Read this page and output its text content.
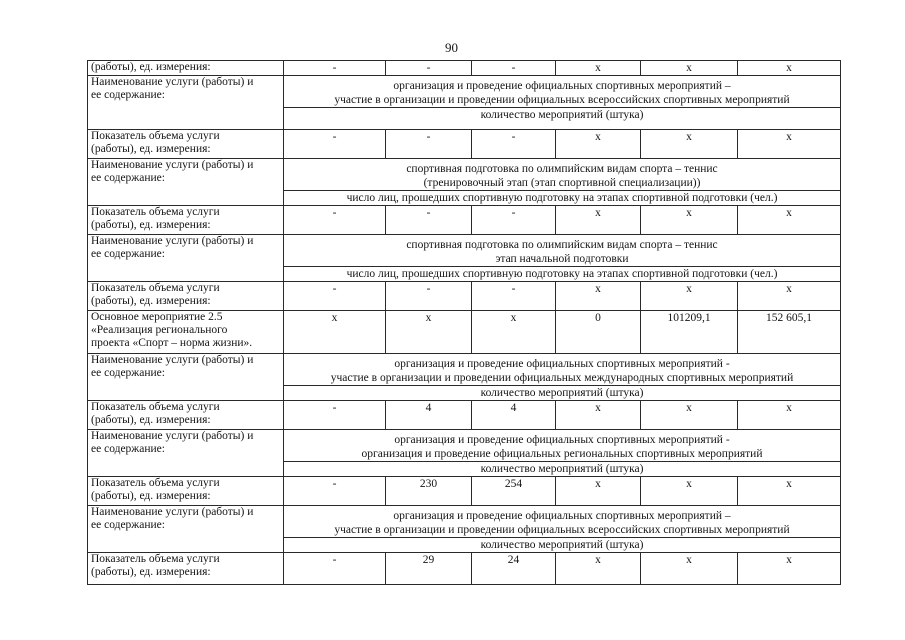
90
(работы), ед. измерения:	-	-	-	х	х	х

Наименование услуги (работы) и
ее содержание:	организация и проведение официальных спортивных мероприятий –
участие в организации и проведении официальных всероссийских спортивных мероприятий					

	количество мероприятий (штука)					

Показатель объема услуги
(работы), ед. измерения:	-	-	-	х	х	х

Наименование услуги (работы) и
ее содержание:	спортивная подготовка по олимпийским видам спорта – теннис
(тренировочный этап (этап спортивной специализации))					

	число лиц, прошедших спортивную подготовку на этапах спортивной подготовки (чел.)					

Показатель объема услуги
(работы), ед. измерения:	-	-	-	х	х	х

Наименование услуги (работы) и
ее содержание:	спортивная подготовка по олимпийским видам спорта – теннис
этап начальной подготовки					

	число лиц, прошедших спортивную подготовку на этапах спортивной подготовки (чел.)					

Показатель объема услуги
(работы), ед. измерения:	-	-	-	х	х	х

Основное мероприятие 2.5
«Реализация регионального
проекта «Спорт – норма жизни».	х	х	х	0	101209,1	152 605,1

Наименование услуги (работы) и
ее содержание:	организация и проведение официальных спортивных мероприятий -
участие в организации и проведении официальных международных спортивных мероприятий					

	количество мероприятий (штука)					

Показатель объема услуги
(работы), ед. измерения:	-	4	4	х	х	х

Наименование услуги (работы) и
ее содержание:	организация и проведение официальных спортивных мероприятий -
организация и проведение официальных региональных спортивных мероприятий					

	количество мероприятий (штука)					

Показатель объема услуги
(работы), ед. измерения:	-	230	254	х	х	х

Наименование услуги (работы) и
ее содержание:	организация и проведение официальных спортивных мероприятий –
участие в организации и проведении официальных всероссийских спортивных мероприятий					

	количество мероприятий (штука)					

Показатель объема услуги
(работы), ед. измерения:	-	29	24	х	х	х
